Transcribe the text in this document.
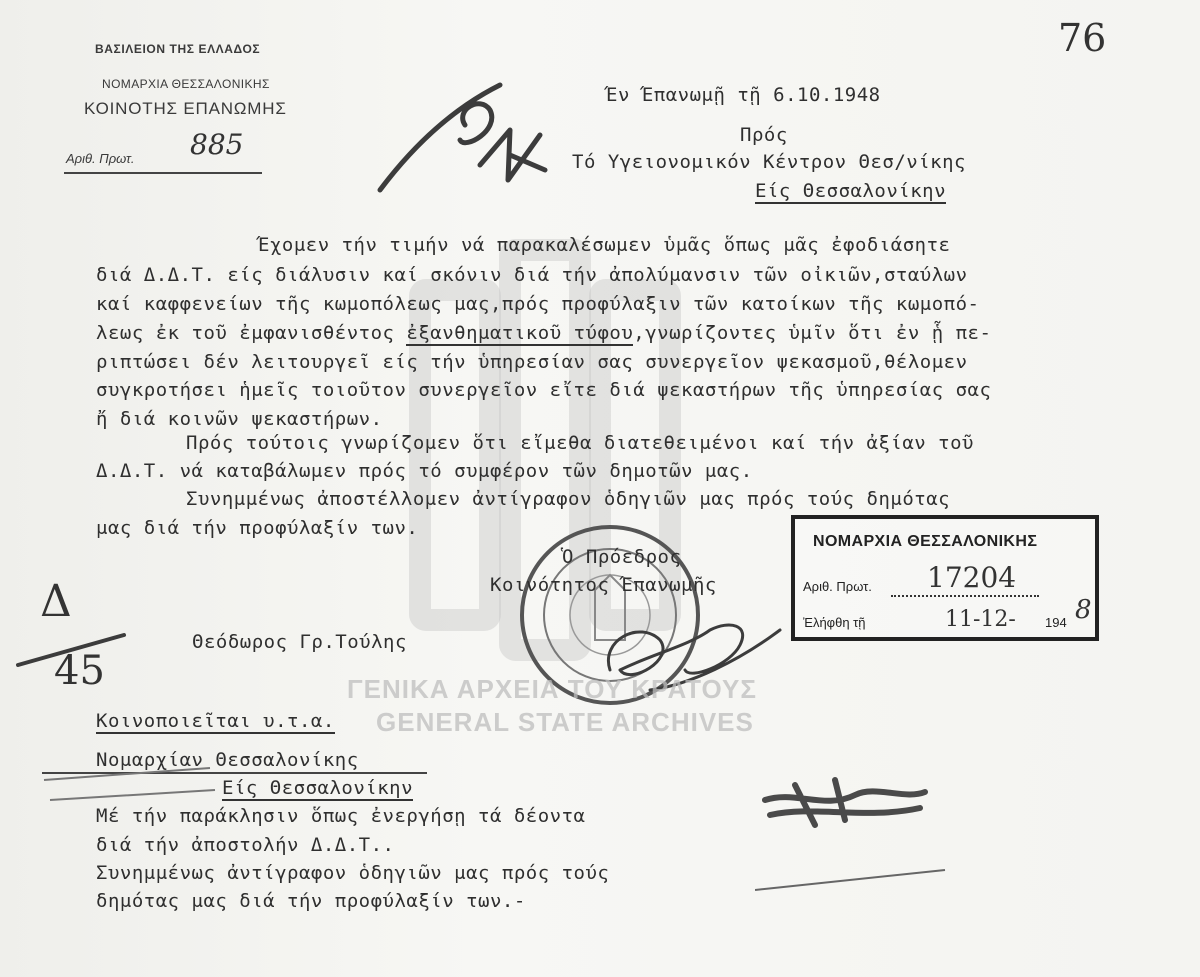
ΒΑΣΙΛΕΙΟΝ ΤΗΣ ΕΛΛΑΔΟΣ
ΝΟΜΑΡΧΙΑ ΘΕΣΣΑΛΟΝΙΚΗΣ
ΚΟΙΝΟΤΗΣ ΕΠΑΝΩΜΗΣ
Αριθ. Πρωτ. 885
76
Έν Έπανωμῇ τῇ 6.10.1948
Πρός
Τό Υγειονομικόν Κέντρον Θεσ/νίκης
Είς Θεσσαλονίκην
Έχομεν τήν τιμήν νά παρακαλέσωμεν ὑμᾶς ὅπως μᾶς ἐφοδιάσητε
διά Δ.Δ.Τ. είς διάλυσιν καί σκόνιν διά τήν ἀπολύμανσιν τῶν οἰκιῶν,σταύλων
καί καφφενείων τῆς κωμοπόλεως μας,πρός προφύλαξιν τῶν κατοίκων τῆς κωμοπό-
λεως ἐκ τοῦ ἐμφανισθέντος ἐξανθηματικοῦ τύφου,γνωρίζοντες ὑμῖν ὅτι ἐν ᾗ πε-
ριπτώσει δέν λειτουργεῖ είς τήν ὑπηρεσίαν σας συνεργεῖον ψεκασμοῦ,θέλομεν
συγκροτήσει ἡμεῖς τοιοῦτον συνεργεῖον εἴτε διά ψεκαστήρων τῆς ὑπηρεσίας σας
ἤ διά κοινῶν ψεκαστήρων.
Πρός τούτοις γνωρίζομεν ὅτι εἴμεθα διατεθειμένοι καί τήν ἀξίαν τοῦ
Δ.Δ.Τ. νά καταβάλωμεν πρός τό συμφέρον τῶν δημοτῶν μας.
Συνημμένως ἀποστέλλομεν ἀντίγραφον ὁδηγιῶν μας πρός τούς δημότας
μας διά τήν προφύλαξίν των.
Ὁ Πρόεδρος
Κοινότητος Έπανωμῆς
Θεόδωρος Γρ.Τούλης
ΝΟΜΑΡΧΙΑ ΘΕΣΣΑΛΟΝΙΚΗΣ
Αριθ. Πρωτ. 17204
Ἐλήφθη τῇ	11-12- 194 8
Δ
45	ΓΕΝΙΚΑ ΑΡΧΕΙΑ ΤΟΥ ΚΡΑΤΟΥΣ
GENERAL STATE ARCHIVES
Κοινοποιεῖται υ.τ.α.
Νομαρχίαν Θεσσαλονίκης
Είς Θεσσαλονίκην
Μέ τήν παράκλησιν ὅπως ἐνεργήσῃ τά δέοντα
διά τήν ἀποστολήν Δ.Δ.Τ..
Συνημμένως ἀντίγραφον ὁδηγιῶν μας πρός τούς
δημότας μας διά τήν προφύλαξίν των.-
